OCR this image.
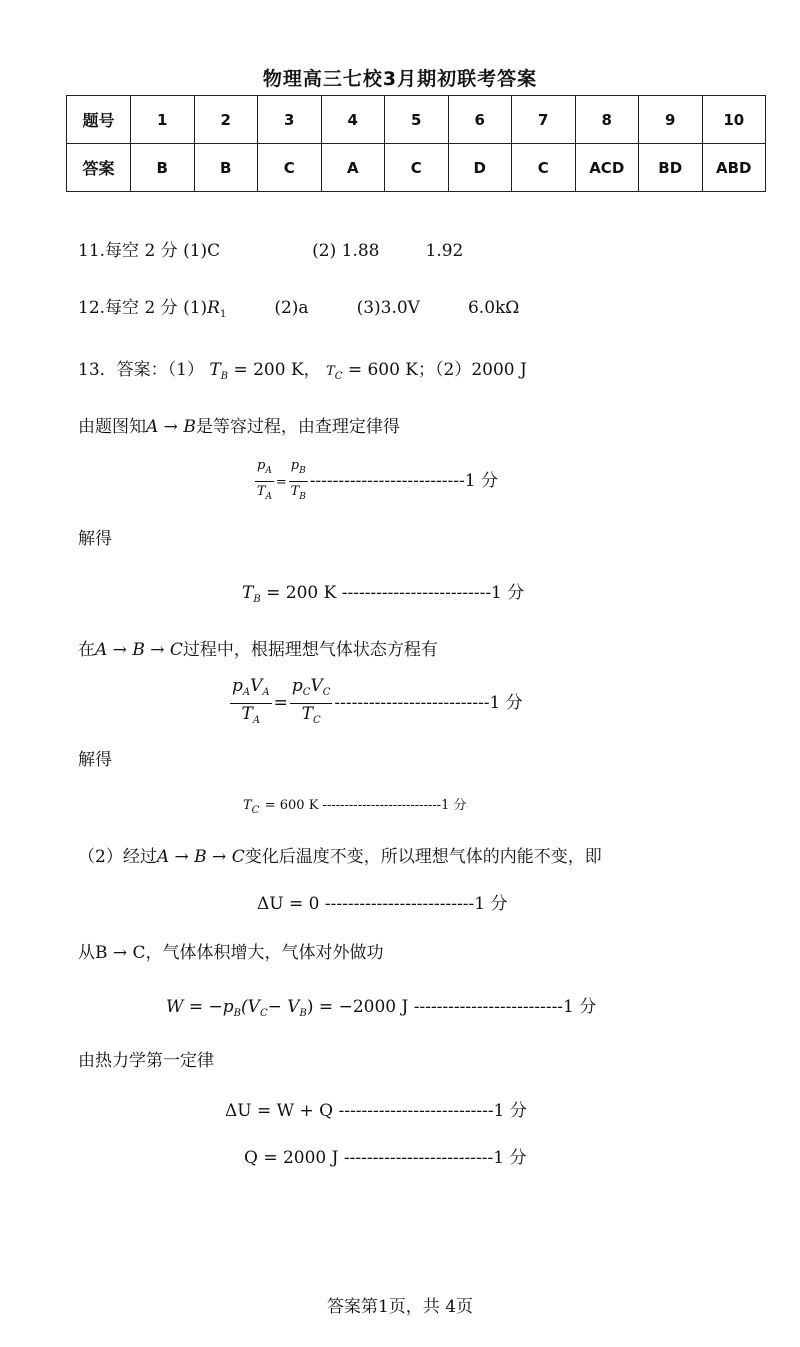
物理高三七校3月期初联考答案
题号	1	2	3	4	5	6	7	8	9	10
答案	B	B	C	A	C	D	C	ACD	BD	ABD
11.每空 2 分 (1)C	(2) 1.88	1.92
12.每空 2 分 $(1)R_1$	(2)a	(3)3.0V	6.0kΩ
13．答案：（1） $T_B = 200$ K， $T_C = 600$ K；（2）2000 J
由题图知A → B是等容过程，由查理定律得
$\frac{p_A}{T_A} = \frac{p_B}{T_B} ---------------------------1$ 分
解得
$T_B = 200$ K --------------------------1 分
在A → B → C过程中，根据理想气体状态方程有
$\frac{p_AV_A}{T_A} = \frac{p_CV_C}{T_C} ---------------------------1$ 分
解得
$T_C = 600$ K ---------------------------1 分
（2）经过A → B → C变化后温度不变，所以理想气体的内能不变，即
ΔU = 0 --------------------------1 分
从B → C，气体体积增大，气体对外做功
$W = -p_B(V_C- V_B) = -2000$ J --------------------------1 分
由热力学第一定律
ΔU = W + Q ---------------------------1 分
Q = 2000 J --------------------------1 分
答案第1页，共 4页
